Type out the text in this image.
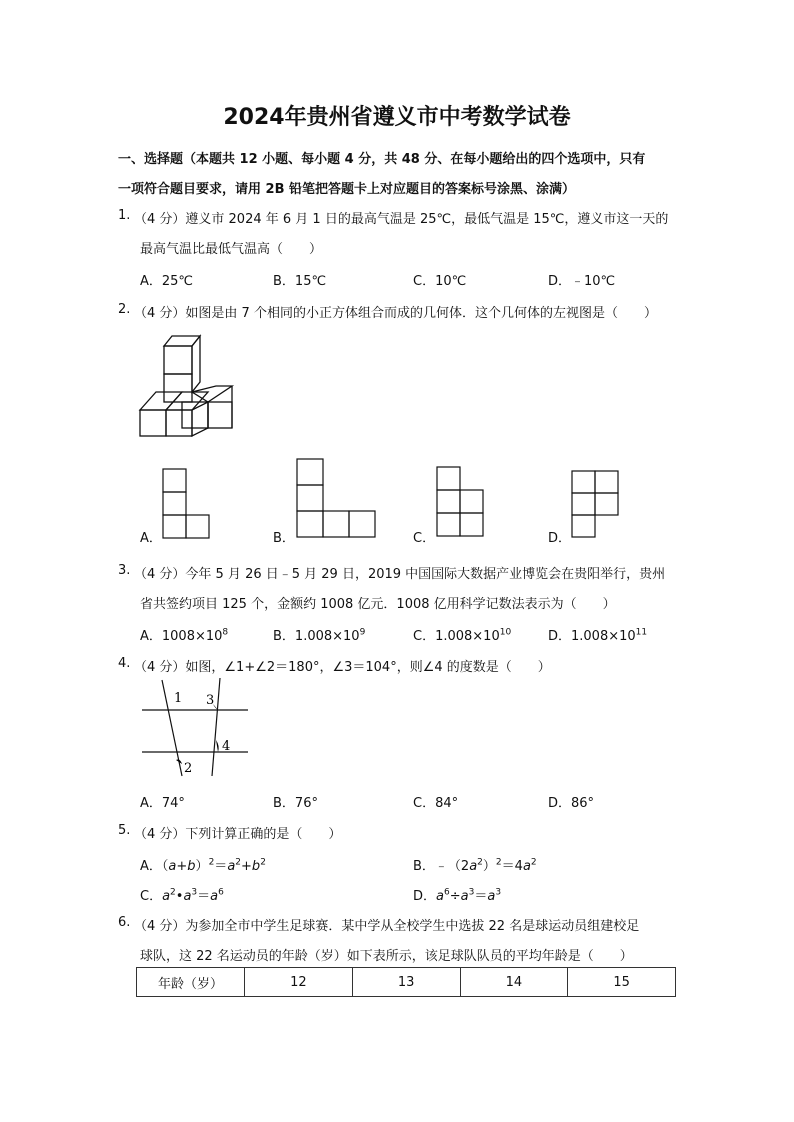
2024年贵州省遵义市中考数学试卷
一、选择题（本题共 12 小题、每小题 4 分，共 48 分、在每小题给出的四个选项中，只有
一项符合题目要求，请用 2B 铅笔把答题卡上对应题目的答案标号涂黑、涂满）
1. （4 分）遵义市 2024 年 6 月 1 日的最高气温是 25℃，最低气温是 15℃，遵义市这一天的
最高气温比最低气温高（　　）
A．25℃	B．15℃	C．10℃	D．﹣10℃
2. （4 分）如图是由 7 个相同的小正方体组合而成的几何体．这个几何体的左视图是（　　）
A．	B．	C．	D．
3. （4 分）今年 5 月 26 日﹣5 月 29 日，2019 中国国际大数据产业博览会在贵阳举行，贵州
省共签约项目 125 个，金额约 1008 亿元．1008 亿用科学记数法表示为（　　）
A．$1008\times 10^8$	B．$1.008\times 10^9$	C．$1.008\times 10^{10}$	D．$1.008\times 10^{11}$
4. （4 分）如图，∠1+∠2＝180°，∠3＝104°，则∠4 的度数是（　　）
1 3
4
2
A．74°	B．76°	C．84°	D．86°
5. （4 分）下列计算正确的是（　　）
A．$(a+b)^2=a^2+b^2$	B．$﹣(2a^2)^2=4a^2$
C．$a^2•a^3=a^6$	D．$a^6\div a^3=a^3$
6. （4 分）为参加全市中学生足球赛．某中学从全校学生中选拔 22 名是球运动员组建校足
球队，这 22 名运动员的年龄（岁）如下表所示，该足球队队员的平均年龄是（　　）
年龄（岁）	12	13	14	15
